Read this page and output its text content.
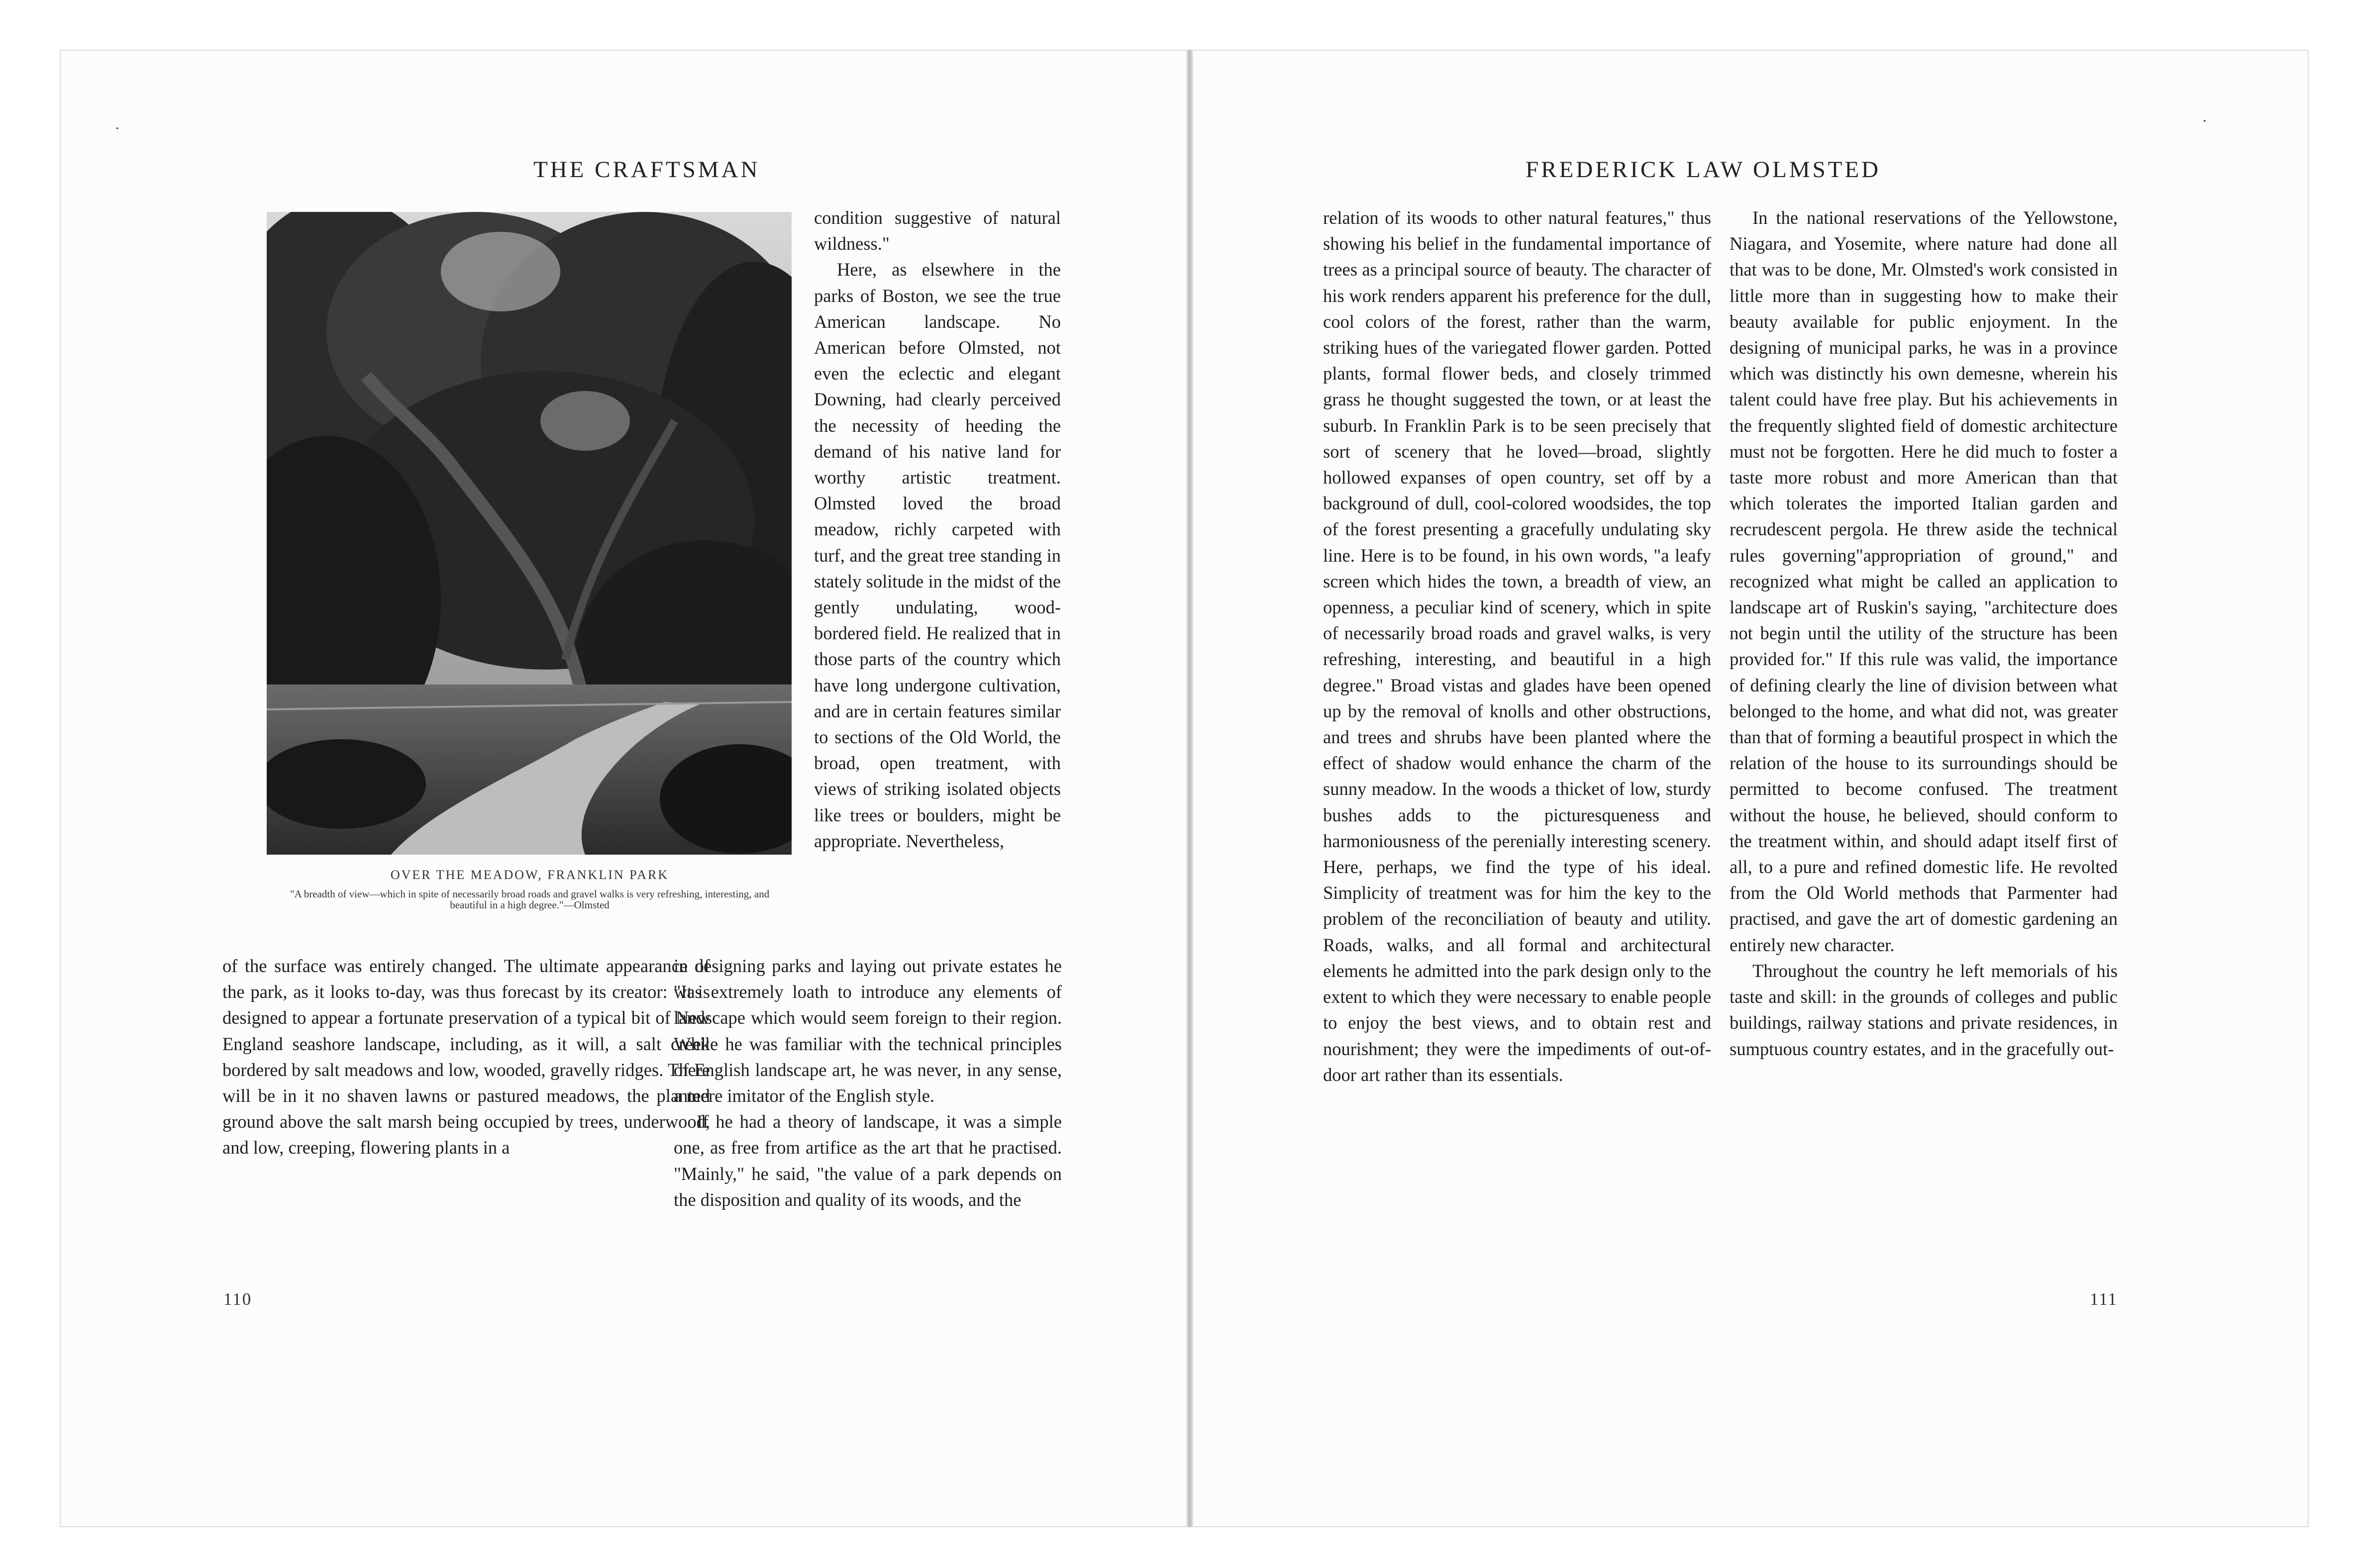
THE CRAFTSMAN
OVER THE MEADOW, FRANKLIN PARK
"A breadth of view—which in spite of necessarily broad roads and gravel walks is very refreshing, interesting, and beautiful in a high degree."—Olmsted
condition suggestive of natural wildness."
Here, as elsewhere in the parks of Boston, we see the true American landscape. No American before Olmsted, not even the eclectic and elegant Downing, had clearly perceived the necessity of heeding the demand of his native land for worthy artistic treatment. Olmsted loved the broad meadow, richly carpeted with turf, and the great tree standing in stately solitude in the midst of the gently undulating, wood-bordered field. He realized that in those parts of the country which have long undergone cultivation, and are in certain features similar to sections of the Old World, the broad, open treatment, with views of striking isolated objects like trees or boulders, might be appropriate. Nevertheless,
of the surface was entirely changed. The ultimate appearance of the park, as it looks to-day, was thus forecast by its creator: "It is designed to appear a fortunate preservation of a typical bit of New England seashore landscape, including, as it will, a salt creek bordered by salt meadows and low, wooded, gravelly ridges. There will be in it no shaven lawns or pastured meadows, the planted ground above the salt marsh being occupied by trees, underwood, and low, creeping, flowering plants in a
in designing parks and laying out private estates he was extremely loath to introduce any elements of landscape which would seem foreign to their region. While he was familiar with the technical principles of English landscape art, he was never, in any sense, a mere imitator of the English style.
If he had a theory of landscape, it was a simple one, as free from artifice as the art that he practised. "Mainly," he said, "the value of a park depends on the disposition and quality of its woods, and the
110
FREDERICK LAW OLMSTED
relation of its woods to other natural features," thus showing his belief in the fundamental importance of trees as a principal source of beauty. The character of his work renders apparent his preference for the dull, cool colors of the forest, rather than the warm, striking hues of the variegated flower garden. Potted plants, formal flower beds, and closely trimmed grass he thought suggested the town, or at least the suburb. In Franklin Park is to be seen precisely that sort of scenery that he loved—broad, slightly hollowed expanses of open country, set off by a background of dull, cool-colored woodsides, the top of the forest presenting a gracefully undulating sky line. Here is to be found, in his own words, "a leafy screen which hides the town, a breadth of view, an openness, a peculiar kind of scenery, which in spite of necessarily broad roads and gravel walks, is very refreshing, interesting, and beautiful in a high degree." Broad vistas and glades have been opened up by the removal of knolls and other obstructions, and trees and shrubs have been planted where the effect of shadow would enhance the charm of the sunny meadow. In the woods a thicket of low, sturdy bushes adds to the picturesqueness and harmoniousness of the perenially interesting scenery. Here, perhaps, we find the type of his ideal. Simplicity of treatment was for him the key to the problem of the reconciliation of beauty and utility. Roads, walks, and all formal and architectural elements he admitted into the park design only to the extent to which they were necessary to enable people to enjoy the best views, and to obtain rest and nourishment; they were the impediments of out-of-door art rather than its essentials.
In the national reservations of the Yellowstone, Niagara, and Yosemite, where nature had done all that was to be done, Mr. Olmsted's work consisted in little more than in suggesting how to make their beauty available for public enjoyment. In the designing of municipal parks, he was in a province which was distinctly his own demesne, wherein his talent could have free play. But his achievements in the frequently slighted field of domestic architecture must not be forgotten. Here he did much to foster a taste more robust and more American than that which tolerates the imported Italian garden and recrudescent pergola. He threw aside the technical rules governing"appropriation of ground," and recognized what might be called an application to landscape art of Ruskin's saying, "architecture does not begin until the utility of the structure has been provided for." If this rule was valid, the importance of defining clearly the line of division between what belonged to the home, and what did not, was greater than that of forming a beautiful prospect in which the relation of the house to its surroundings should be permitted to become confused. The treatment without the house, he believed, should conform to the treatment within, and should adapt itself first of all, to a pure and refined domestic life. He revolted from the Old World methods that Parmenter had practised, and gave the art of domestic gardening an entirely new character.
Throughout the country he left memorials of his taste and skill: in the grounds of colleges and public buildings, railway stations and private residences, in sumptuous country estates, and in the gracefully out-
111
·	·
